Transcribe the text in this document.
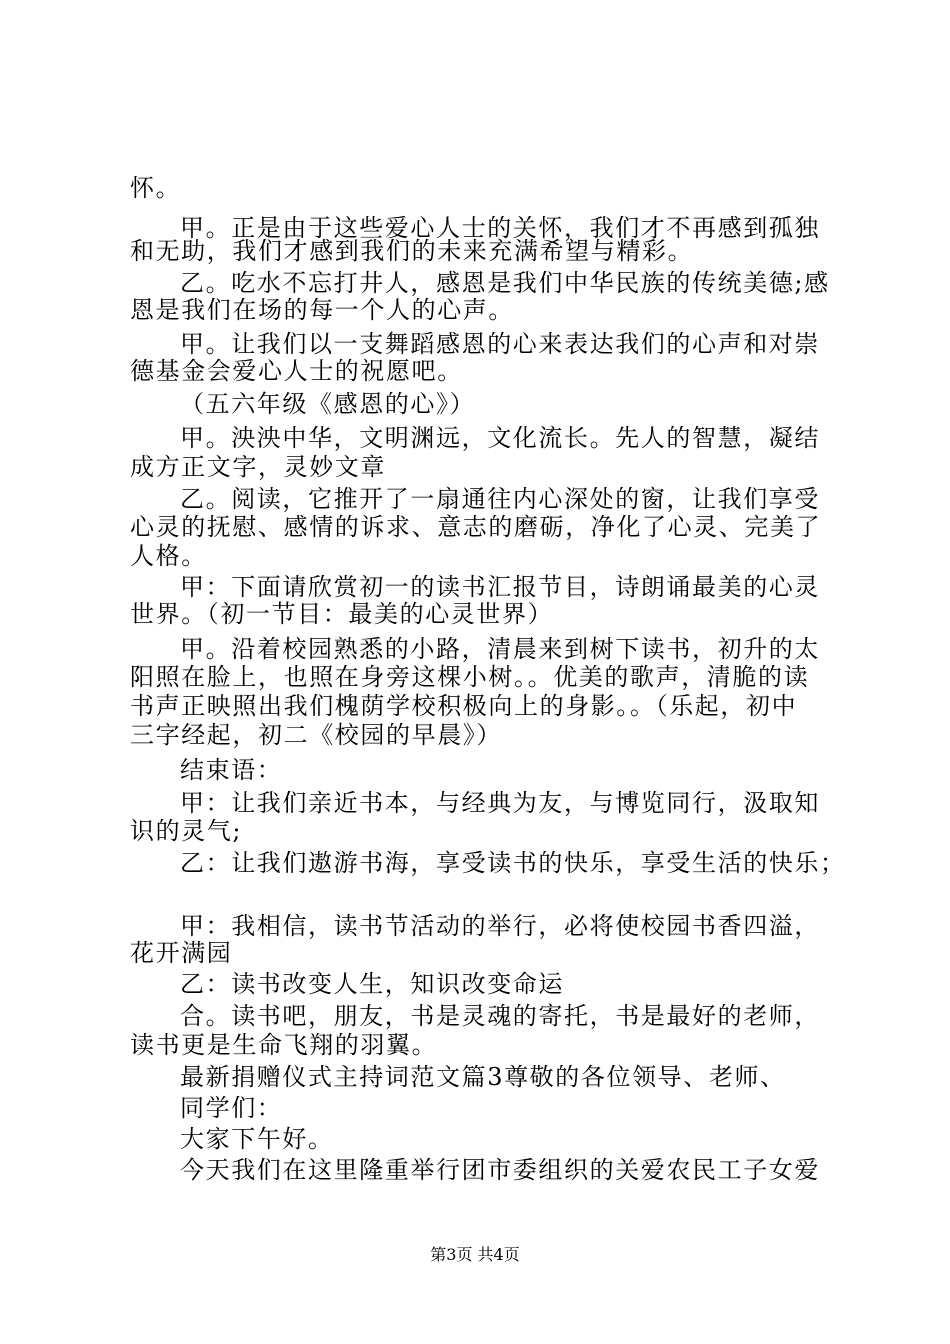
怀。
甲。正是由于这些爱心人士的关怀，我们才不再感到孤独
和无助，我们才感到我们的未来充满希望与精彩。
乙。吃水不忘打井人，感恩是我们中华民族的传统美德;感
恩是我们在场的每一个人的心声。
甲。让我们以一支舞蹈感恩的心来表达我们的心声和对崇
德基金会爱心人士的祝愿吧。
（五六年级《感恩的心》）
甲。泱泱中华，文明渊远，文化流长。先人的智慧，凝结
成方正文字，灵妙文章
乙。阅读，它推开了一扇通往内心深处的窗，让我们享受
心灵的抚慰、感情的诉求、意志的磨砺，净化了心灵、完美了
人格。
甲：下面请欣赏初一的读书汇报节目，诗朗诵最美的心灵
世界。（初一节目：最美的心灵世界）
甲。沿着校园熟悉的小路，清晨来到树下读书，初升的太
阳照在脸上，也照在身旁这棵小树。。优美的歌声，清脆的读
书声正映照出我们槐荫学校积极向上的身影。。（乐起，初中
三字经起，初二《校园的早晨》）
结束语：
甲：让我们亲近书本，与经典为友，与博览同行，汲取知
识的灵气;
乙：让我们遨游书海，享受读书的快乐，享受生活的快乐；
甲：我相信，读书节活动的举行，必将使校园书香四溢，
花开满园
乙：读书改变人生，知识改变命运
合。读书吧，朋友，书是灵魂的寄托，书是最好的老师，
读书更是生命飞翔的羽翼。
最新捐赠仪式主持词范文篇3尊敬的各位领导、老师、
同学们：
大家下午好。
今天我们在这里隆重举行团市委组织的关爱农民工子女爱
第3页 共4页
